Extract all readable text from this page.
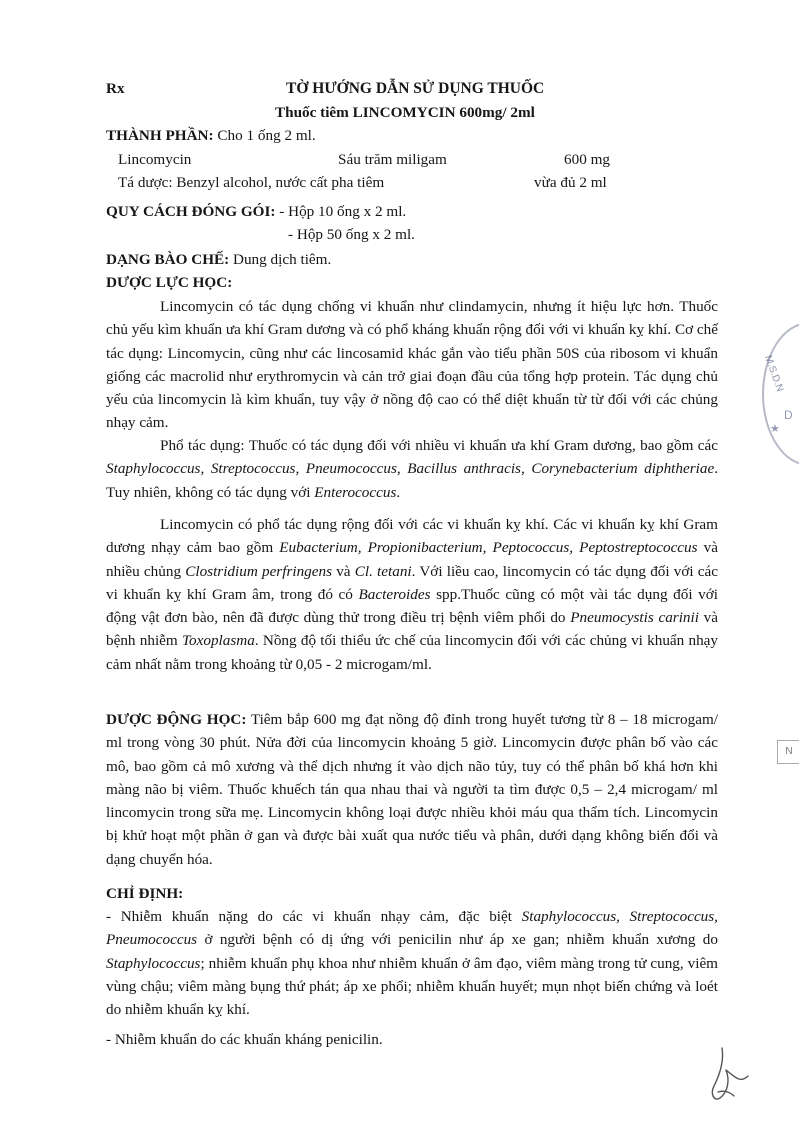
Rx	TỜ HƯỚNG DẪN SỬ DỤNG THUỐC
Thuốc tiêm LINCOMYCIN 600mg/ 2ml
THÀNH PHẦN: Cho 1 ống 2 ml.
Lincomycin	Sáu trăm miligam	600 mg
Tá dược: Benzyl alcohol, nước cất pha tiêm	vừa đủ 2 ml
QUY CÁCH ĐÓNG GÓI: - Hộp 10 ống x 2 ml.
- Hộp 50 ống x 2 ml.
DẠNG BÀO CHẾ: Dung dịch tiêm.
DƯỢC LỰC HỌC:
Lincomycin có tác dụng chống vi khuẩn như clindamycin, nhưng ít hiệu lực hơn. Thuốc chủ yếu kìm khuẩn ưa khí Gram dương và có phổ kháng khuẩn rộng đối với vi khuẩn kỵ khí. Cơ chế tác dụng: Lincomycin, cũng như các lincosamid khác gắn vào tiểu phần 50S của ribosom vi khuẩn giống các macrolid như erythromycin và cản trở giai đoạn đầu của tổng hợp protein. Tác dụng chủ yếu của lincomycin là kìm khuẩn, tuy vậy ở nồng độ cao có thể diệt khuẩn từ từ đối với các chủng nhạy cảm.
Phổ tác dụng: Thuốc có tác dụng đối với nhiều vi khuẩn ưa khí Gram dương, bao gồm các Staphylococcus, Streptococcus, Pneumococcus, Bacillus anthracis, Corynebacterium diphtheriae. Tuy nhiên, không có tác dụng với Enterococcus.
Lincomycin có phổ tác dụng rộng đối với các vi khuẩn kỵ khí. Các vi khuẩn kỵ khí Gram dương nhạy cảm bao gồm Eubacterium, Propionibacterium, Peptococcus, Peptostreptococcus và nhiều chủng Clostridium perfringens và Cl. tetani. Với liều cao, lincomycin có tác dụng đối với các vi khuẩn kỵ khí Gram âm, trong đó có Bacteroides spp.Thuốc cũng có một vài tác dụng đối với động vật đơn bào, nên đã được dùng thử trong điều trị bệnh viêm phổi do Pneumocystis carinii và bệnh nhiễm Toxoplasma. Nồng độ tối thiểu ức chế của lincomycin đối với các chủng vi khuẩn nhạy cảm nhất nằm trong khoảng từ 0,05 - 2 microgam/ml.
DƯỢC ĐỘNG HỌC: Tiêm bắp 600 mg đạt nồng độ đỉnh trong huyết tương từ 8 – 18 microgam/ ml trong vòng 30 phút. Nửa đời của lincomycin khoảng 5 giờ. Lincomycin được phân bố vào các mô, bao gồm cả mô xương và thể dịch nhưng ít vào dịch não tủy, tuy có thể phân bố khá hơn khi màng não bị viêm. Thuốc khuếch tán qua nhau thai và người ta tìm được 0,5 – 2,4 microgam/ ml lincomycin trong sữa mẹ. Lincomycin không loại được nhiều khỏi máu qua thẩm tích. Lincomycin bị khử hoạt một phần ở gan và được bài xuất qua nước tiểu và phân, dưới dạng không biến đổi và dạng chuyển hóa.
CHỈ ĐỊNH:
- Nhiễm khuẩn nặng do các vi khuẩn nhạy cảm, đặc biệt Staphylococcus, Streptococcus, Pneumococcus ở người bệnh có dị ứng với penicilin như áp xe gan; nhiễm khuẩn xương do Staphylococcus; nhiễm khuẩn phụ khoa như nhiễm khuẩn ở âm đạo, viêm màng trong tử cung, viêm vùng chậu; viêm màng bụng thứ phát; áp xe phổi; nhiễm khuẩn huyết; mụn nhọt biến chứng và loét do nhiễm khuẩn kỵ khí.
- Nhiễm khuẩn do các khuẩn kháng penicilin.
M.S.D.N
D
★
N
